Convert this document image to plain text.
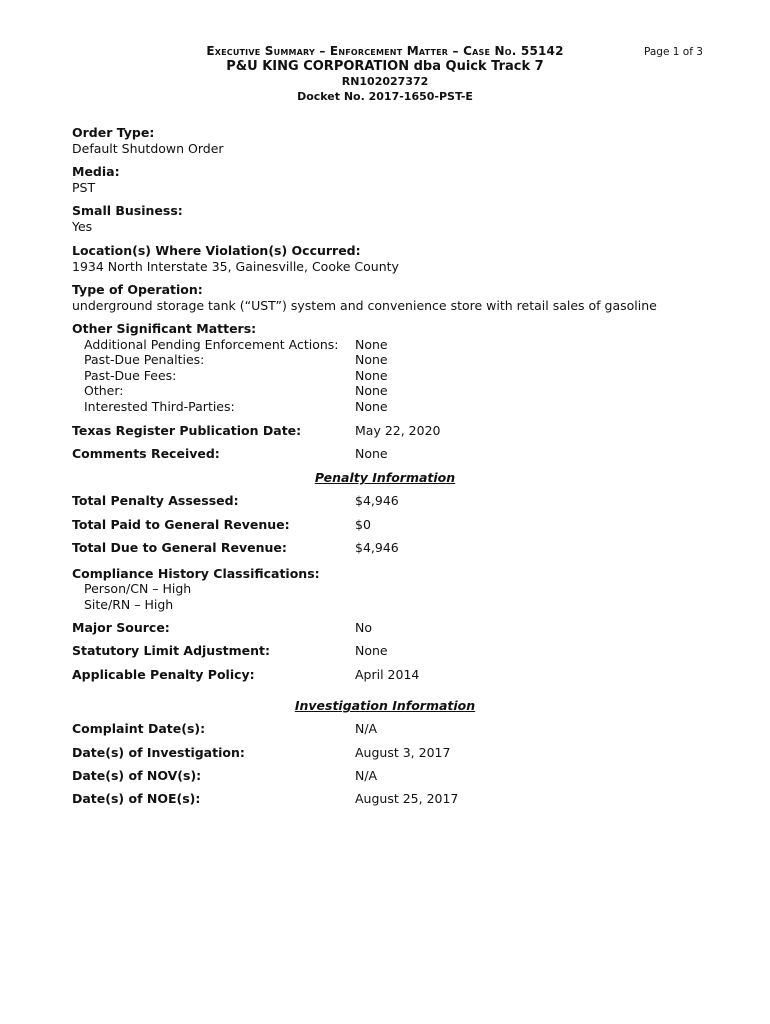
Executive Summary – Enforcement Matter – Case No. 55142	Page 1 of 3
P&U KING CORPORATION dba Quick Track 7
RN102027372
Docket No. 2017-1650-PST-E
Order Type:
Default Shutdown Order
Media:
PST
Small Business:
Yes
Location(s) Where Violation(s) Occurred:
1934 North Interstate 35, Gainesville, Cooke County
Type of Operation:
underground storage tank (“UST”) system and convenience store with retail sales of gasoline
Other Significant Matters:
Additional Pending Enforcement Actions: None
Past-Due Penalties:	None
Past-Due Fees:	None
Other:	None
Interested Third-Parties:	None
Texas Register Publication Date:	May 22, 2020
Comments Received:	None
Penalty Information
Total Penalty Assessed:	$4,946
Total Paid to General Revenue:	$0
Total Due to General Revenue:	$4,946
Compliance History Classifications:
Person/CN – High
Site/RN – High
Major Source:	No
Statutory Limit Adjustment:	None
Applicable Penalty Policy:	April 2014
Investigation Information
Complaint Date(s):	N/A
Date(s) of Investigation:	August 3, 2017
Date(s) of NOV(s):	N/A
Date(s) of NOE(s):	August 25, 2017
